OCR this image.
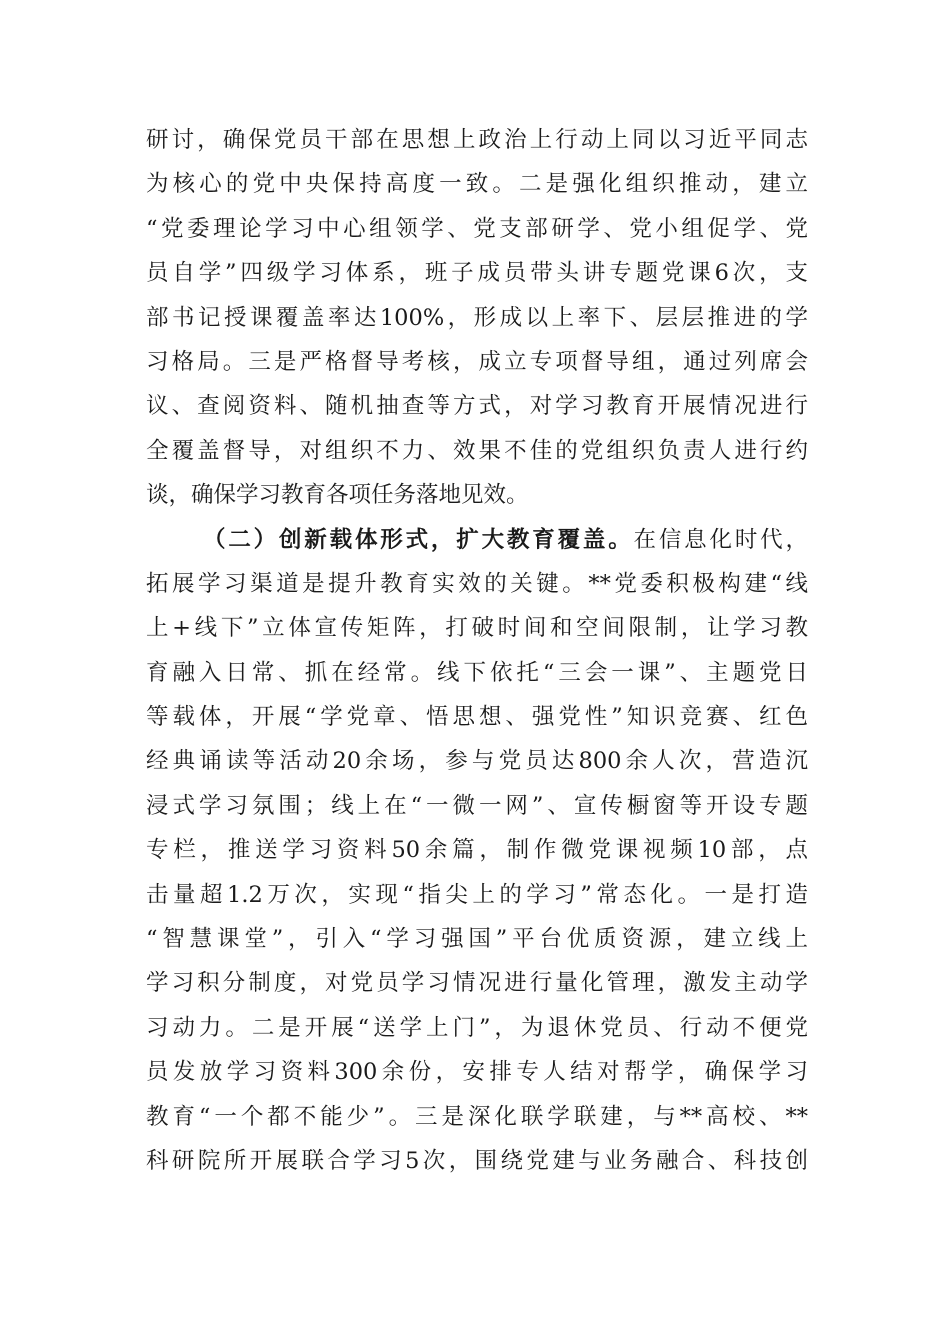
研讨，确保党员干部在思想上政治上行动上同以习近平同志
为核心的党中央保持高度一致。二是强化组织推动，建立
“党委理论学习中心组领学、党支部研学、党小组促学、党
员自学”四级学习体系，班子成员带头讲专题党课6次，支
部书记授课覆盖率达100%，形成以上率下、层层推进的学
习格局。三是严格督导考核，成立专项督导组，通过列席会
议、查阅资料、随机抽查等方式，对学习教育开展情况进行
全覆盖督导，对组织不力、效果不佳的党组织负责人进行约
谈，确保学习教育各项任务落地见效。
（二）创新载体形式，扩大教育覆盖。在信息化时代，
拓展学习渠道是提升教育实效的关键。**党委积极构建“线
上+线下”立体宣传矩阵，打破时间和空间限制，让学习教
育融入日常、抓在经常。线下依托“三会一课”、主题党日
等载体，开展“学党章、悟思想、强党性”知识竞赛、红色
经典诵读等活动20余场，参与党员达800余人次，营造沉
浸式学习氛围；线上在“一微一网”、宣传橱窗等开设专题
专栏，推送学习资料50余篇，制作微党课视频10部，点
击量超1.2万次，实现“指尖上的学习”常态化。一是打造
“智慧课堂”，引入“学习强国”平台优质资源，建立线上
学习积分制度，对党员学习情况进行量化管理，激发主动学
习动力。二是开展“送学上门”，为退休党员、行动不便党
员发放学习资料300余份，安排专人结对帮学，确保学习
教育“一个都不能少”。三是深化联学联建，与**高校、**
科研院所开展联合学习5次，围绕党建与业务融合、科技创
